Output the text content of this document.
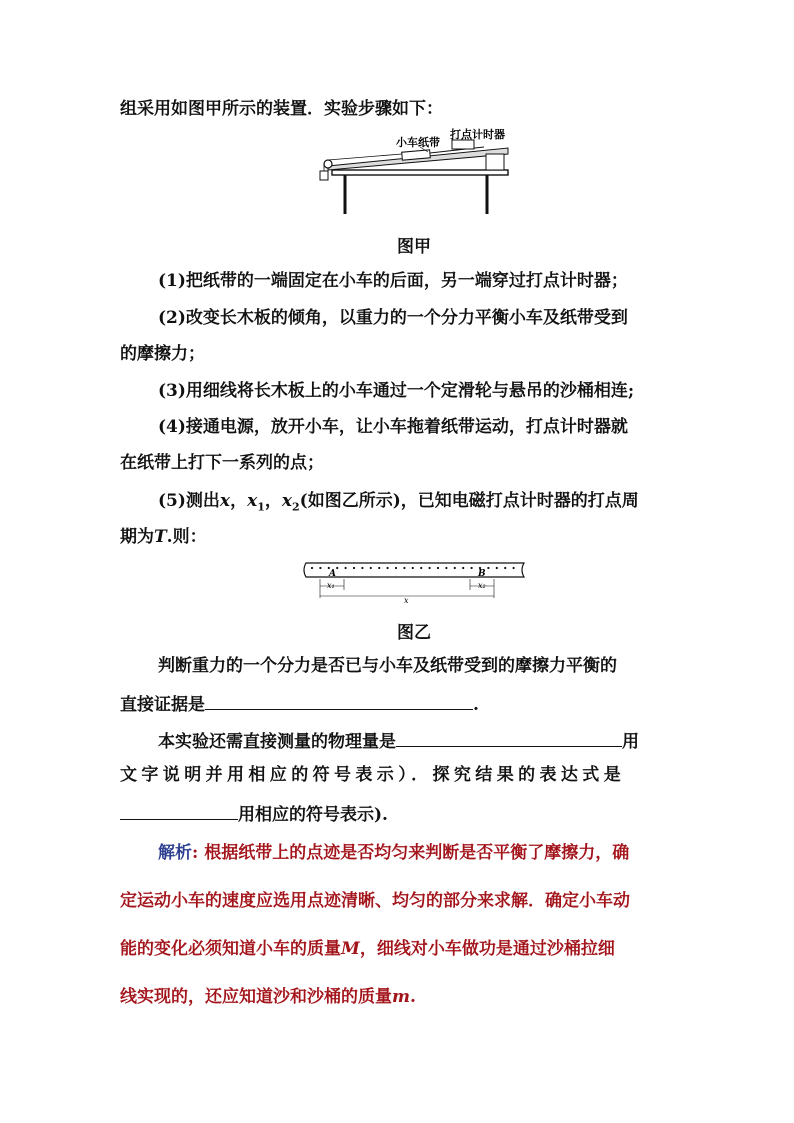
组采用如图甲所示的装置．实验步骤如下：
小车纸带
打点计时器
图甲
(1)把纸带的一端固定在小车的后面，另一端穿过打点计时器；
(2)改变长木板的倾角，以重力的一个分力平衡小车及纸带受到
的摩擦力；
(3)用细线将长木板上的小车通过一个定滑轮与悬吊的沙桶相连;
(4)接通电源，放开小车，让小车拖着纸带运动，打点计时器就
在纸带上打下一系列的点；
(5)测出x，$x_1$，$x_2$(如图乙所示)，已知电磁打点计时器的打点周
期为T.则：
A	B
x₁	x₂
x
图乙
判断重力的一个分力是否已与小车及纸带受到的摩擦力平衡的
直接证据是	.
本实验还需直接测量的物理量是	用
文字说明并用相应的符号表示）．探究结果的表达式是
用相应的符号表示).
解析: 根据纸带上的点迹是否均匀来判断是否平衡了摩擦力，确
定运动小车的速度应选用点迹清晰、均匀的部分来求解．确定小车动
能的变化必须知道小车的质量M，细线对小车做功是通过沙桶拉细
线实现的，还应知道沙和沙桶的质量m.
